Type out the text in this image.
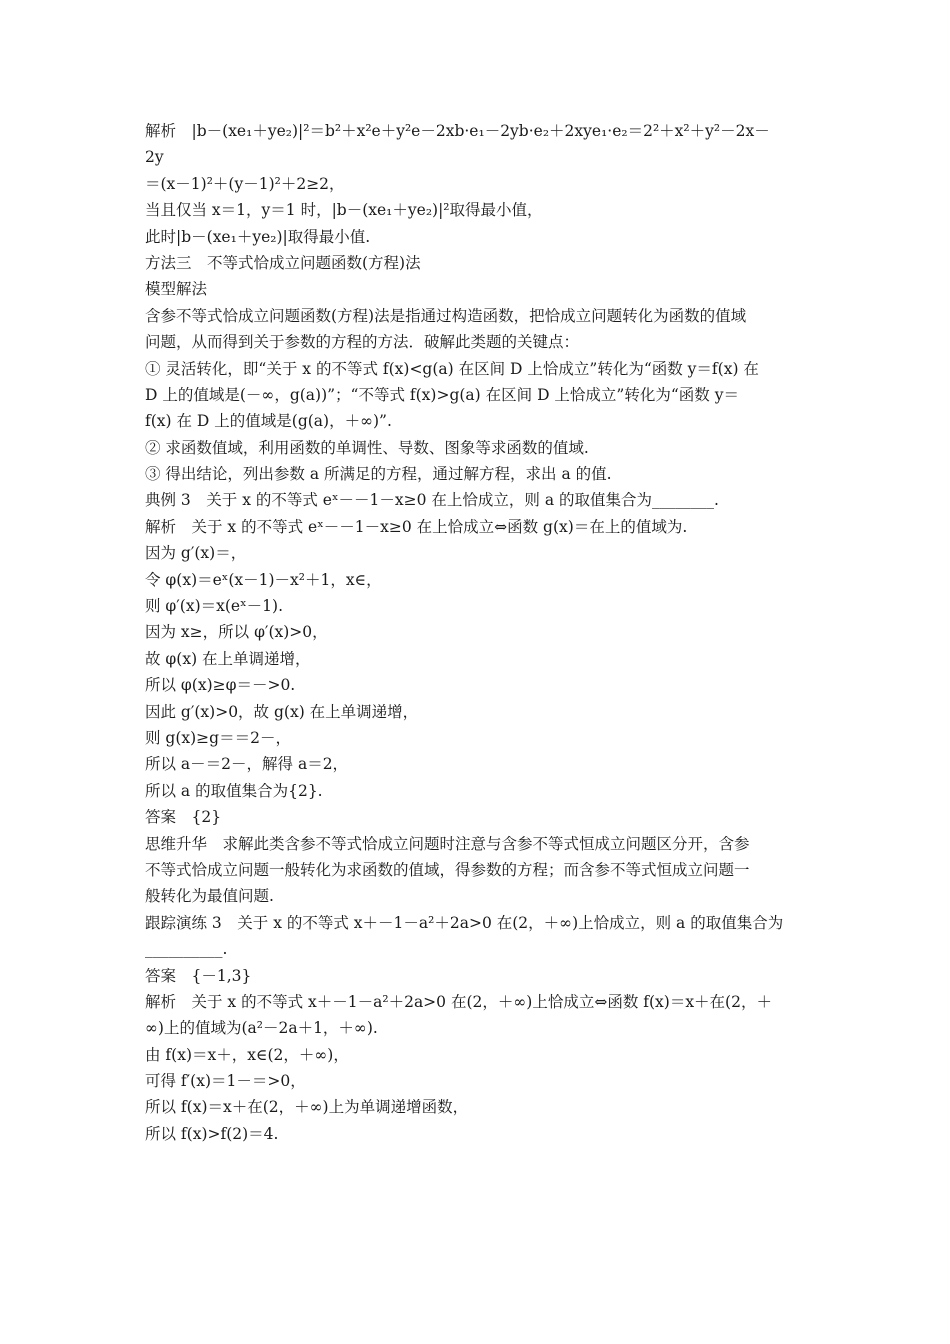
解析　|b－(xe₁＋ye₂)|²＝b²＋x²e＋y²e－2xb·e₁－2yb·e₂＋2xye₁·e₂＝2²＋x²＋y²－2x－
2y
＝(x－1)²＋(y－1)²＋2≥2，
当且仅当 x＝1，y＝1 时，|b－(xe₁＋ye₂)|²取得最小值，
此时|b－(xe₁＋ye₂)|取得最小值.
方法三　不等式恰成立问题函数(方程)法
模型解法
含参不等式恰成立问题函数(方程)法是指通过构造函数，把恰成立问题转化为函数的值域
问题，从而得到关于参数的方程的方法．破解此类题的关键点：
① 灵活转化，即“关于 x 的不等式 f(x)<g(a) 在区间 D 上恰成立”转化为“函数 y＝f(x) 在
D 上的值域是(－∞，g(a))”；“不等式 f(x)>g(a) 在区间 D 上恰成立”转化为“函数 y＝
f(x) 在 D 上的值域是(g(a)，＋∞)”.
② 求函数值域，利用函数的单调性、导数、图象等求函数的值域.
③ 得出结论，列出参数 a 所满足的方程，通过解方程，求出 a 的值.
典例 3　关于 x 的不等式 eˣ－－1－x≥0 在上恰成立，则 a 的取值集合为________.
解析　关于 x 的不等式 eˣ－－1－x≥0 在上恰成立⇔函数 g(x)＝在上的值域为.
因为 g′(x)＝，
令 φ(x)＝eˣ(x－1)－x²＋1，x∈，
则 φ′(x)＝x(eˣ－1).
因为 x≥，所以 φ′(x)>0，
故 φ(x) 在上单调递增，
所以 φ(x)≥φ＝－>0.
因此 g′(x)>0，故 g(x) 在上单调递增，
则 g(x)≥g＝＝2－，
所以 a－＝2－，解得 a＝2，
所以 a 的取值集合为{2}.
答案　{2}
思维升华　求解此类含参不等式恰成立问题时注意与含参不等式恒成立问题区分开，含参
不等式恰成立问题一般转化为求函数的值域，得参数的方程；而含参不等式恒成立问题一
般转化为最值问题.
跟踪演练 3　关于 x 的不等式 x＋－1－a²＋2a>0 在(2，＋∞)上恰成立，则 a 的取值集合为
__________.
答案　{－1,3}
解析　关于 x 的不等式 x＋－1－a²＋2a>0 在(2，＋∞)上恰成立⇔函数 f(x)＝x＋在(2，＋
∞)上的值域为(a²－2a＋1，＋∞).
由 f(x)＝x＋，x∈(2，＋∞)，
可得 f′(x)＝1－＝>0，
所以 f(x)＝x＋在(2，＋∞)上为单调递增函数，
所以 f(x)>f(2)＝4.
